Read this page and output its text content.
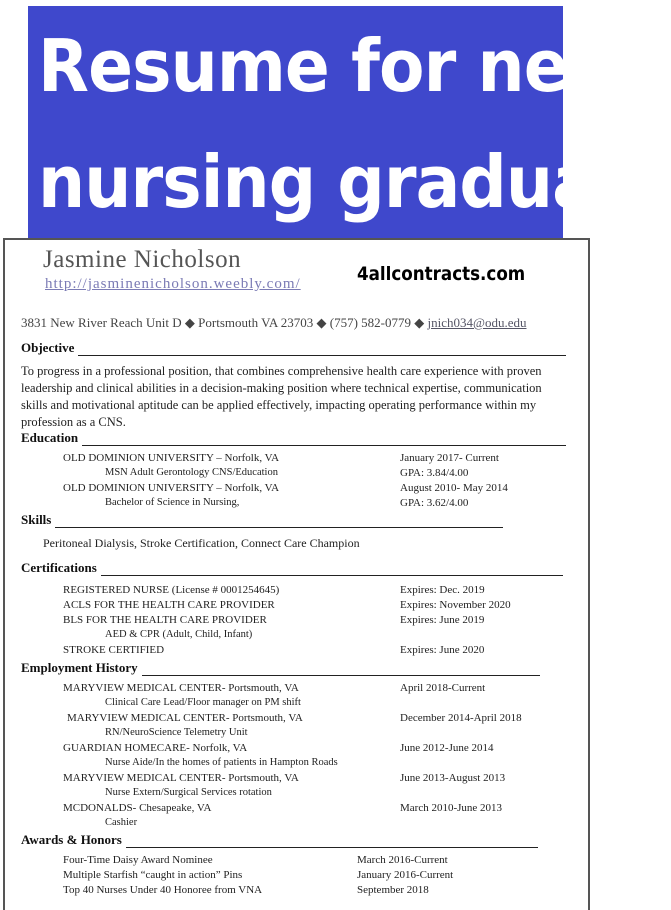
Resume for new
nursing graduate
Jasmine Nicholson
http://jasminenicholson.weebly.com/	4allcontracts.com
3831 New River Reach Unit D ◆ Portsmouth VA 23703 ◆ (757) 582-0779 ◆ jnich034@odu.edu
Objective
To progress in a professional position, that combines comprehensive health care experience with proven leadership and clinical abilities in a decision-making position where technical expertise, communication skills and motivational aptitude can be applied effectively, impacting operating performance within my profession as a CNS.
Education
OLD DOMINION UNIVERSITY – Norfolk, VA	January 2017- Current
MSN Adult Gerontology CNS/Education	GPA: 3.84/4.00
OLD DOMINION UNIVERSITY – Norfolk, VA	August 2010- May 2014
Bachelor of Science in Nursing,	GPA: 3.62/4.00
Skills
Peritoneal Dialysis, Stroke Certification, Connect Care Champion
Certifications
REGISTERED NURSE (License # 0001254645)	Expires: Dec. 2019
ACLS FOR THE HEALTH CARE PROVIDER	Expires: November 2020
BLS FOR THE HEALTH CARE PROVIDER	Expires: June 2019
AED & CPR (Adult, Child, Infant)
STROKE CERTIFIED	Expires: June 2020
Employment History
MARYVIEW MEDICAL CENTER- Portsmouth, VA	April 2018-Current
Clinical Care Lead/Floor manager on PM shift
MARYVIEW MEDICAL CENTER- Portsmouth, VA	December 2014-April 2018
RN/NeuroScience Telemetry Unit
GUARDIAN HOMECARE- Norfolk, VA	June 2012-June 2014
Nurse Aide/In the homes of patients in Hampton Roads
MARYVIEW MEDICAL CENTER- Portsmouth, VA	June 2013-August 2013
Nurse Extern/Surgical Services rotation
MCDONALDS- Chesapeake, VA	March 2010-June 2013
Cashier
Awards & Honors
Four-Time Daisy Award Nominee	March 2016-Current
Multiple Starfish “caught in action” Pins	January 2016-Current
Top 40 Nurses Under 40 Honoree from VNA	September 2018
